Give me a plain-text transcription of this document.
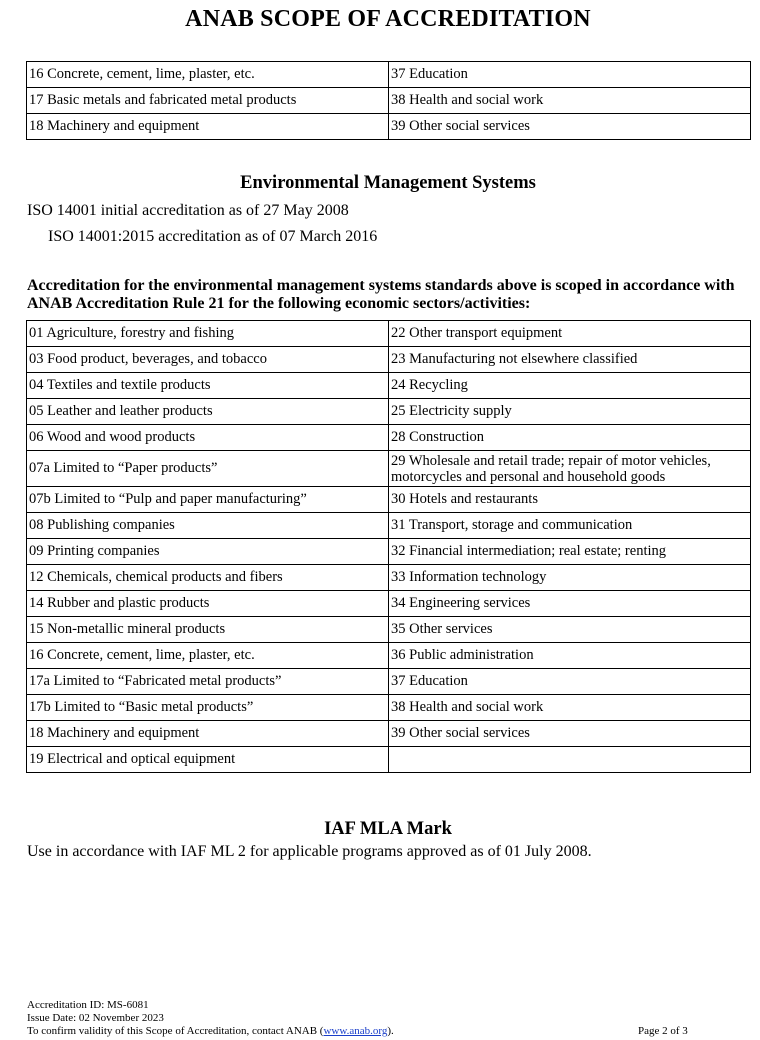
ANAB SCOPE OF ACCREDITATION
16 Concrete, cement, lime, plaster, etc.	37 Education
17 Basic metals and fabricated metal products	38 Health and social work
18 Machinery and equipment	39 Other social services
Environmental Management Systems
ISO 14001 initial accreditation as of 27 May 2008
ISO 14001:2015 accreditation as of 07 March 2016
Accreditation for the environmental management systems standards above is scoped in accordance with ANAB Accreditation Rule 21 for the following economic sectors/activities:
01 Agriculture, forestry and fishing	22 Other transport equipment
03 Food product, beverages, and tobacco	23 Manufacturing not elsewhere classified
04 Textiles and textile products	24 Recycling
05 Leather and leather products	25 Electricity supply
06 Wood and wood products	28 Construction
07a Limited to “Paper products”	29 Wholesale and retail trade; repair of motor vehicles, motorcycles and personal and household goods
07b Limited to “Pulp and paper manufacturing”	30 Hotels and restaurants
08 Publishing companies	31 Transport, storage and communication
09 Printing companies	32 Financial intermediation; real estate; renting
12 Chemicals, chemical products and fibers	33 Information technology
14 Rubber and plastic products	34 Engineering services
15 Non-metallic mineral products	35 Other services
16 Concrete, cement, lime, plaster, etc.	36 Public administration
17a Limited to “Fabricated metal products”	37 Education
17b Limited to “Basic metal products”	38 Health and social work
18 Machinery and equipment	39 Other social services
19 Electrical and optical equipment	
IAF MLA Mark
Use in accordance with IAF ML 2 for applicable programs approved as of 01 July 2008.
Accreditation ID: MS-6081
Issue Date: 02 November 2023
To confirm validity of this Scope of Accreditation, contact ANAB (www.anab.org).	Page 2 of 3
